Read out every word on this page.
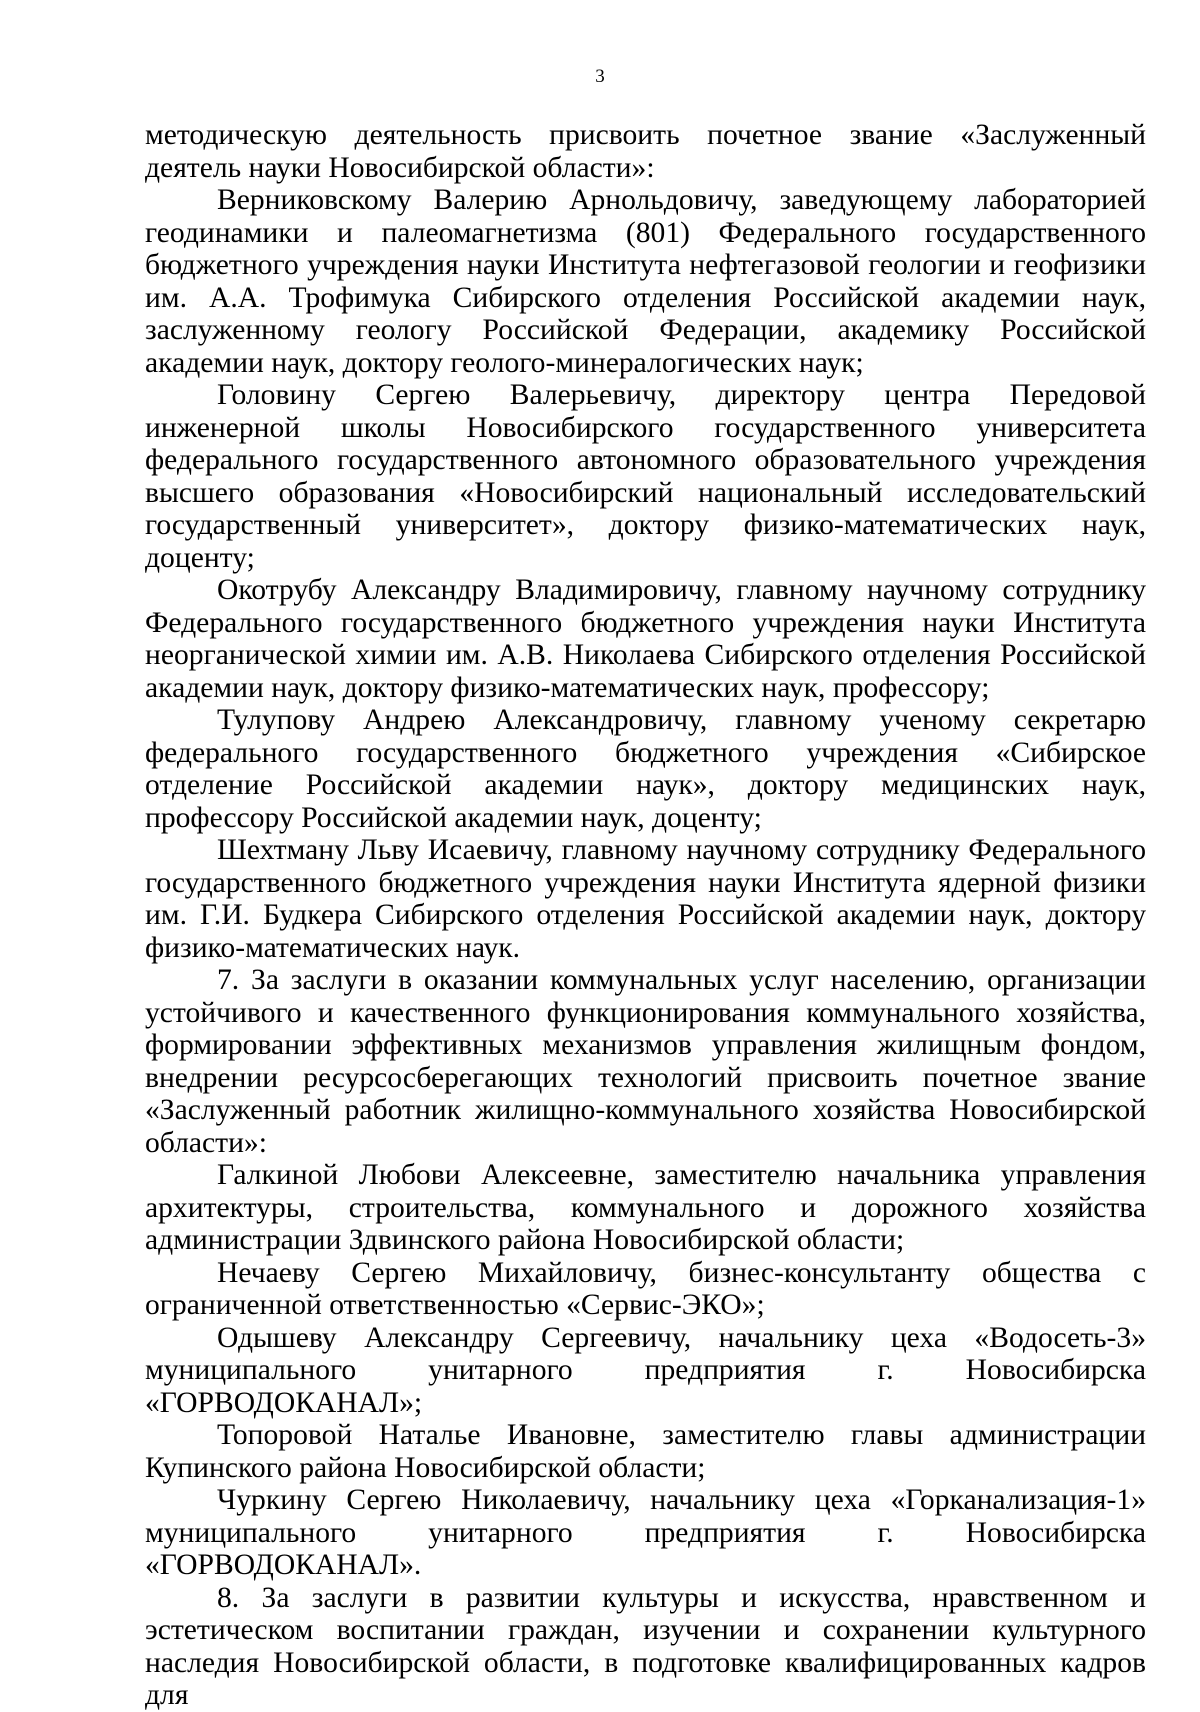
3

методическую деятельность присвоить почетное звание «Заслуженный деятель науки Новосибирской области»:

Верниковскому Валерию Арнольдовичу, заведующему лабораторией геодинамики и палеомагнетизма (801) Федерального государственного бюджетного учреждения науки Института нефтегазовой геологии и геофизики им. А.А. Трофимука Сибирского отделения Российской академии наук, заслуженному геологу Российской Федерации, академику Российской академии наук, доктору геолого-минералогических наук;

Головину Сергею Валерьевичу, директору центра Передовой инженерной школы Новосибирского государственного университета федерального государственного автономного образовательного учреждения высшего образования «Новосибирский национальный исследовательский государственный университет», доктору физико-математических наук, доценту;

Окотрубу Александру Владимировичу, главному научному сотруднику Федерального государственного бюджетного учреждения науки Института неорганической химии им. А.В. Николаева Сибирского отделения Российской академии наук, доктору физико-математических наук, профессору;

Тулупову Андрею Александровичу, главному ученому секретарю федерального государственного бюджетного учреждения «Сибирское отделение Российской академии наук», доктору медицинских наук, профессору Российской академии наук, доценту;

Шехтману Льву Исаевичу, главному научному сотруднику Федерального государственного бюджетного учреждения науки Института ядерной физики им. Г.И. Будкера Сибирского отделения Российской академии наук, доктору физико-математических наук.

7. За заслуги в оказании коммунальных услуг населению, организации устойчивого и качественного функционирования коммунального хозяйства, формировании эффективных механизмов управления жилищным фондом, внедрении ресурсосберегающих технологий присвоить почетное звание «Заслуженный работник жилищно-коммунального хозяйства Новосибирской области»:

Галкиной Любови Алексеевне, заместителю начальника управления архитектуры, строительства, коммунального и дорожного хозяйства администрации Здвинского района Новосибирской области;

Нечаеву Сергею Михайловичу, бизнес-консультанту общества с ограниченной ответственностью «Сервис-ЭКО»;

Одышеву Александру Сергеевичу, начальнику цеха «Водосеть-3» муниципального унитарного предприятия г. Новосибирска «ГОРВОДОКАНАЛ»;

Топоровой Наталье Ивановне, заместителю главы администрации Купинского района Новосибирской области;

Чуркину Сергею Николаевичу, начальнику цеха «Горканализация-1» муниципального унитарного предприятия г. Новосибирска «ГОРВОДОКАНАЛ».

8. За заслуги в развитии культуры и искусства, нравственном и эстетическом воспитании граждан, изучении и сохранении культурного наследия Новосибирской области, в подготовке квалифицированных кадров для
